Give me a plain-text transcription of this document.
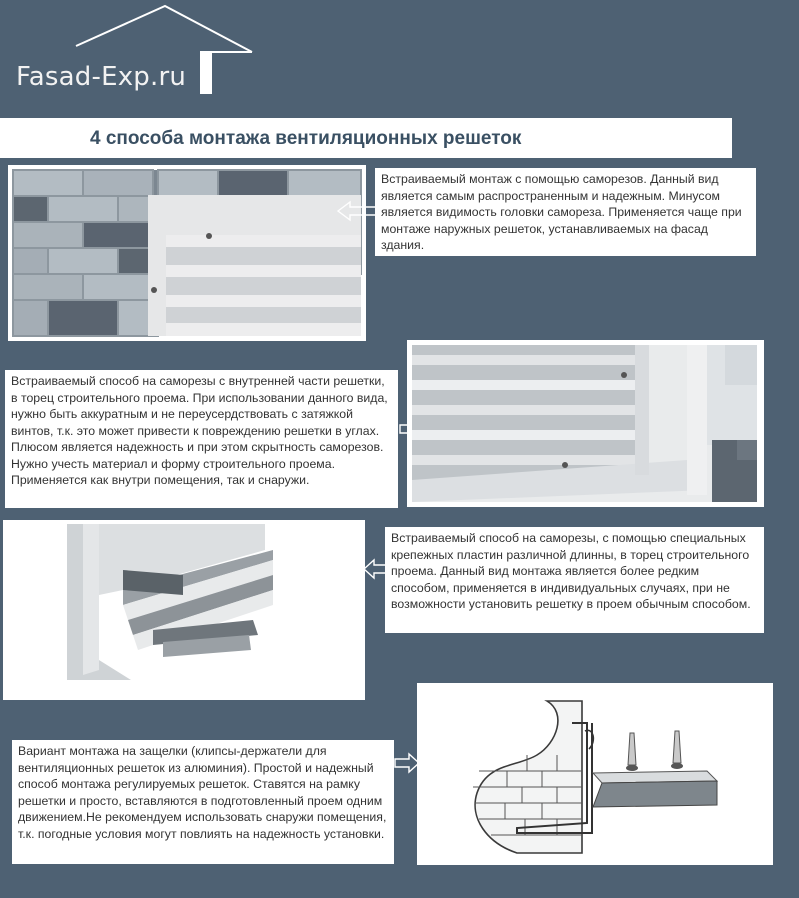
Fasad-Exp.ru
4 способа монтажа вентиляционных решеток
Встраиваемый монтаж с помощью саморезов. Данный вид является самым распространенным и надежным. Минусом является видимость головки самореза. Применяется чаще при монтаже наружных решеток, устанавливаемых на фасад здания.
Встраиваемый способ на саморезы с внутренней части решетки, в торец строительного проема. При использовании данного вида, нужно быть аккуратным и не переусердствовать с затяжкой винтов, т.к. это может привести к повреждению решетки в углах. Плюсом является надежность и при этом скрытность саморезов. Нужно учесть материал и форму строительного проема. Применяется как внутри помещения, так и снаружи.
Встраиваемый способ на саморезы, с помощью специальных крепежных пластин различной длинны, в торец строительного проема. Данный вид монтажа является более редким способом, применяется в индивидуальных случаях, при не возможности установить решетку в проем обычным способом.
Вариант монтажа на защелки (клипсы-держатели для вентиляционных решеток из алюминия). Простой и надежный способ монтажа регулируемых решеток. Ставятся на рамку решетки и просто, вставляются в подготовленный проем одним движением.Не рекомендуем использовать снаружи помещения, т.к. погодные условия могут повлиять на надежность установки.
